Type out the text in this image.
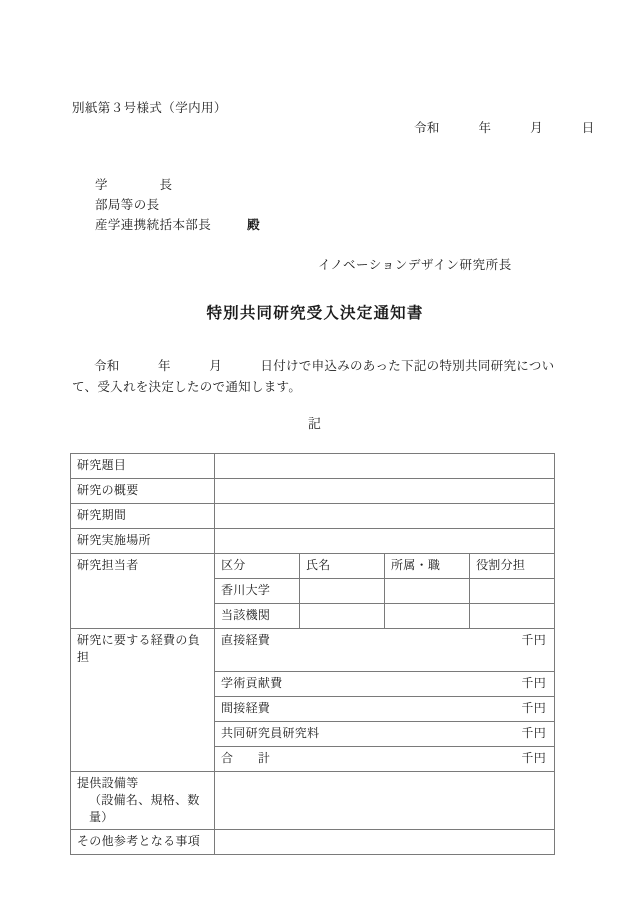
別紙第３号様式（学内用）
令和　　　年　　　月　　　日
学　　　　長
部局等の長
産学連携統括本部長	殿
イノベーションデザイン研究所長
特別共同研究受入決定通知書
令和　　　年　　　月　　　日付けで申込みのあった下記の特別共同研究について、受入れを決定したので通知します。
記
研究題目	
研究の概要	
研究期間	
研究実施場所	
研究担当者	区分	氏名	所属・職	役割分担
香川大学			
当該機関			
研究に要する経費の負担	
直接経費	千円
学術貢献費	千円
間接経費	千円
共同研究員研究料	千円
合　　計	千円

提供設備等
（設備名、規格、数量）

その他参考となる事項	
